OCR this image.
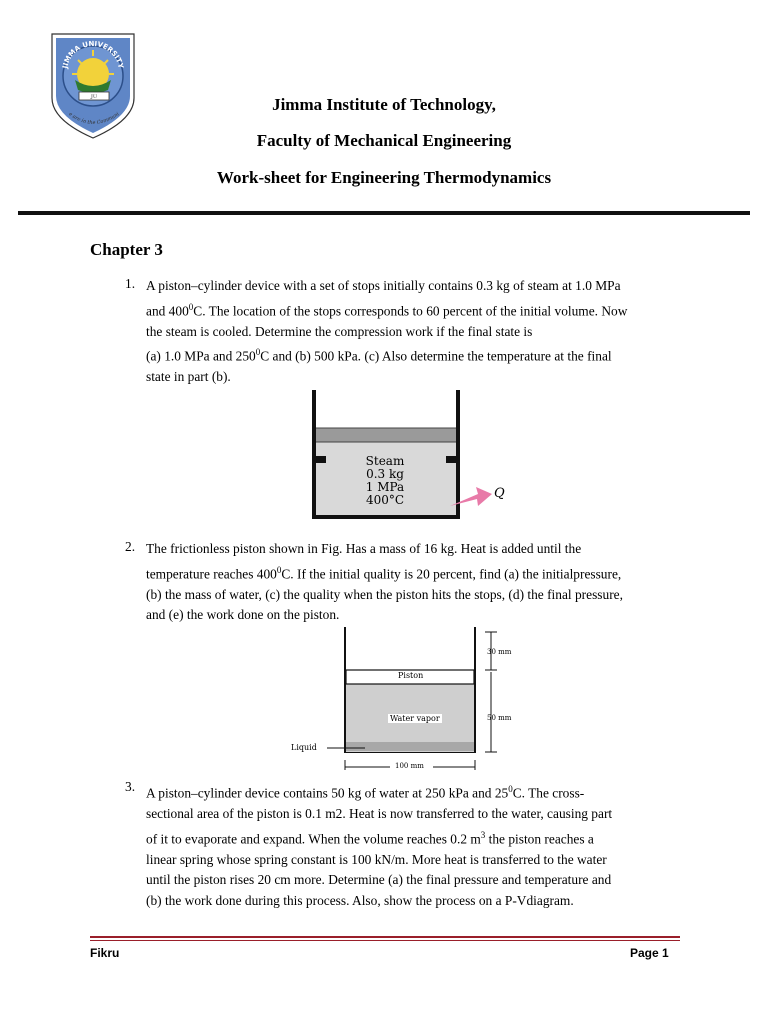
JU
JIMMA UNIVERSITY
e are in the Communi
Jimma Institute of Technology,
Faculty of Mechanical Engineering
Work-sheet for Engineering Thermodynamics
Chapter 3
1. A piston–cylinder device with a set of stops initially contains 0.3 kg of steam at 1.0 MPa
and $400^0C$. The location of the stops corresponds to 60 percent of the initial volume. Now
the steam is cooled. Determine the compression work if the final state is
(a) 1.0 MPa and $250^0C$ and (b) 500 kPa. (c) Also determine the temperature at the final
state in part (b).
Steam
0.3 kg
1 MPa
400°C	Q
2. The frictionless piston shown in Fig. Has a mass of 16 kg. Heat is added until the
temperature reaches $400^0C$. If the initial quality is 20 percent, find (a) the initialpressure,
(b) the mass of water, (c) the quality when the piston hits the stops, (d) the final pressure,
and (e) the work done on the piston.
Piston
Water vapor
Liquid
30 mm
50 mm
100 mm
3. A piston–cylinder device contains 50 kg of water at 250 kPa and $25^0C$. The cross-
sectional area of the piston is 0.1 m2. Heat is now transferred to the water, causing part
of it to evaporate and expand. When the volume reaches 0.2 $m^3$ the piston reaches a
linear spring whose spring constant is 100 kN/m. More heat is transferred to the water
until the piston rises 20 cm more. Determine (a) the final pressure and temperature and
(b) the work done during this process. Also, show the process on a P-Vdiagram.
Fikru	Page 1
